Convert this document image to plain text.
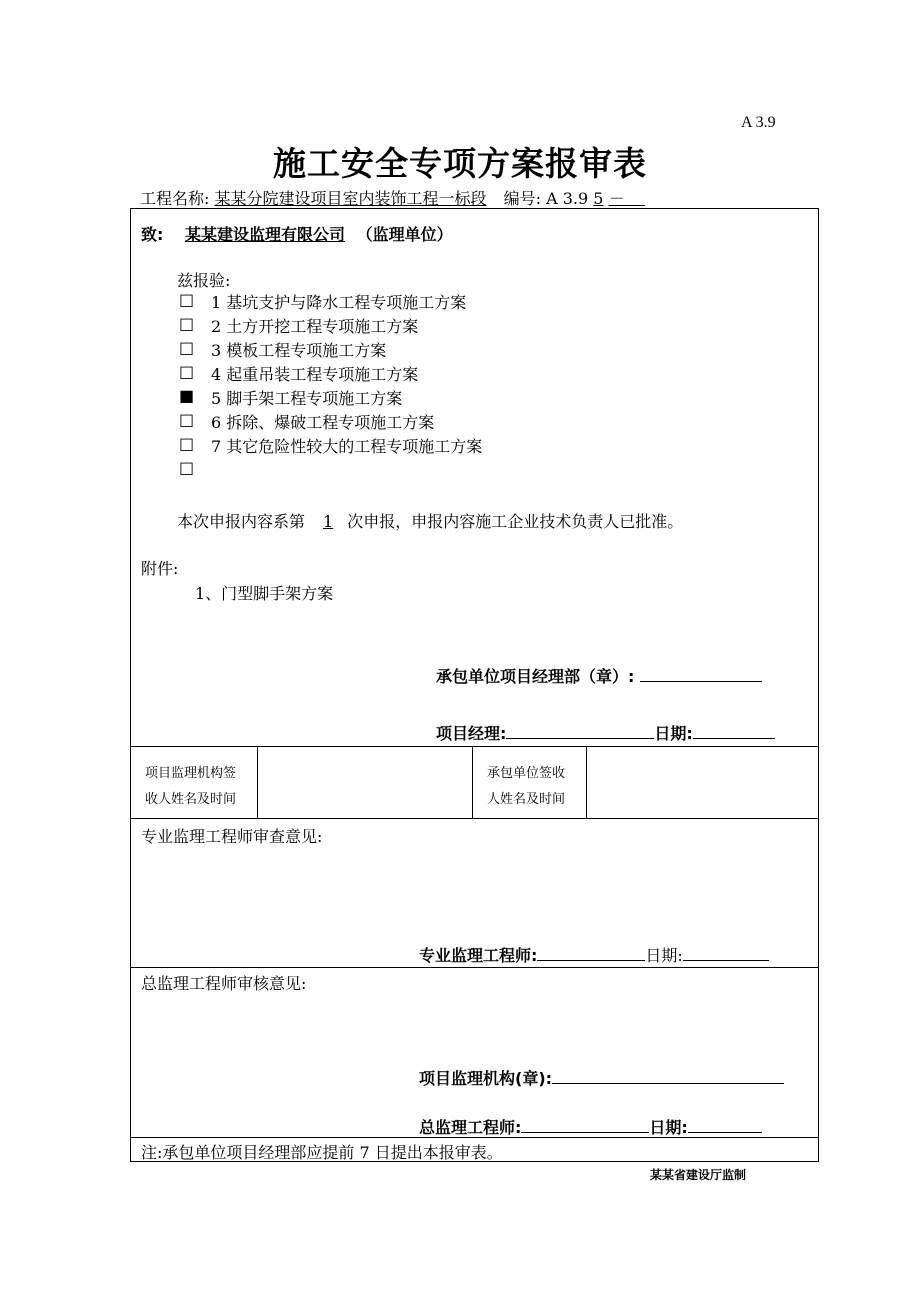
A 3.9
施工安全专项方案报审表
工程名称: 某某分院建设项目室内装饰工程一标段 编号: A 3.9 5 －
致: 某某建设监理有限公司 （监理单位）
兹报验:
□ 1 基坑支护与降水工程专项施工方案
□ 2 土方开挖工程专项施工方案
□ 3 模板工程专项施工方案
□ 4 起重吊装工程专项施工方案
■ 5 脚手架工程专项施工方案
□ 6 拆除、爆破工程专项施工方案
□ 7 其它危险性较大的工程专项施工方案
□
本次申报内容系第 1 次申报，申报内容施工企业技术负责人已批准。
附件:
1、门型脚手架方案
承包单位项目经理部（章）:
项目经理:	日期:
项目监理机构签
收人姓名及时间
承包单位签收
人姓名及时间
专业监理工程师审查意见:
专业监理工程师:	日期:
总监理工程师审核意见:
项目监理机构(章):
总监理工程师:	日期:
注:承包单位项目经理部应提前 7 日提出本报审表。
某某省建设厅监制
